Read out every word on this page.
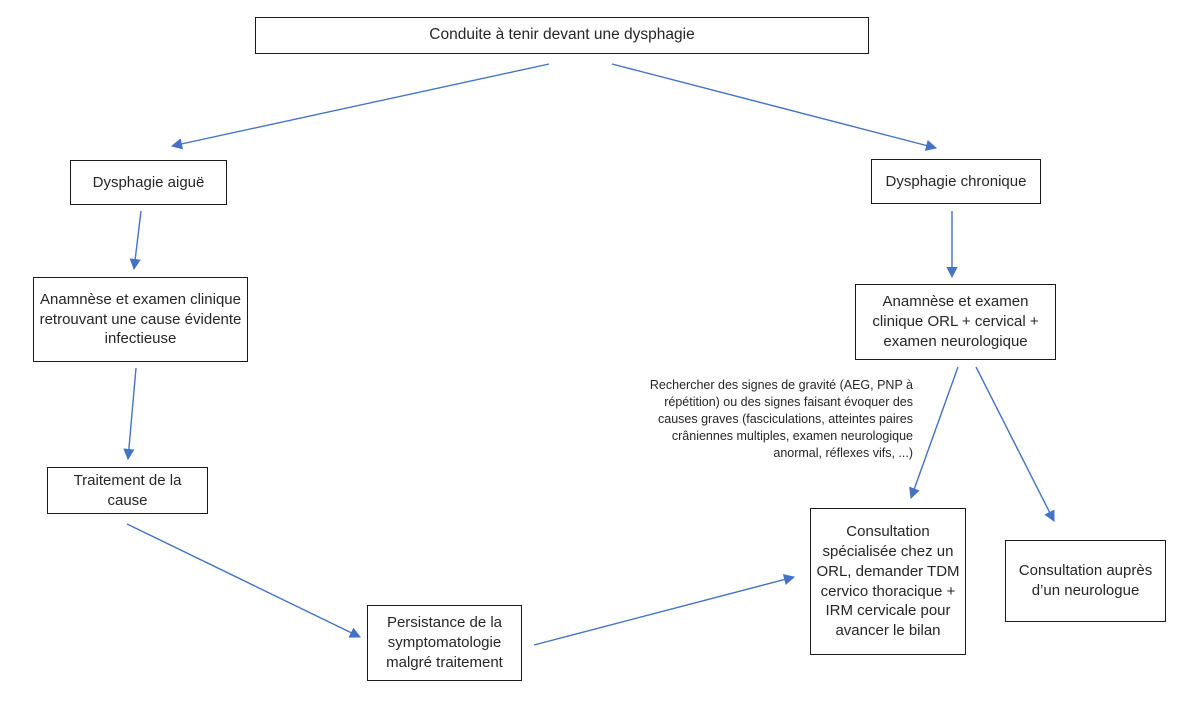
Conduite à tenir devant une dysphagie
Dysphagie aiguë
Anamnèse et examen clinique retrouvant une cause évidente infectieuse
Traitement de la cause
Persistance de la symptomatologie malgré traitement
Dysphagie chronique
Anamnèse et examen clinique ORL + cervical + examen neurologique
Consultation spécialisée chez un ORL, demander TDM cervico thoracique + IRM cervicale pour avancer le bilan
Consultation auprès d’un neurologue
Rechercher des signes de gravité (AEG, PNP à répétition) ou des signes faisant évoquer des causes graves (fasciculations, atteintes paires crâniennes multiples, examen neurologique anormal, réflexes vifs, ...)
